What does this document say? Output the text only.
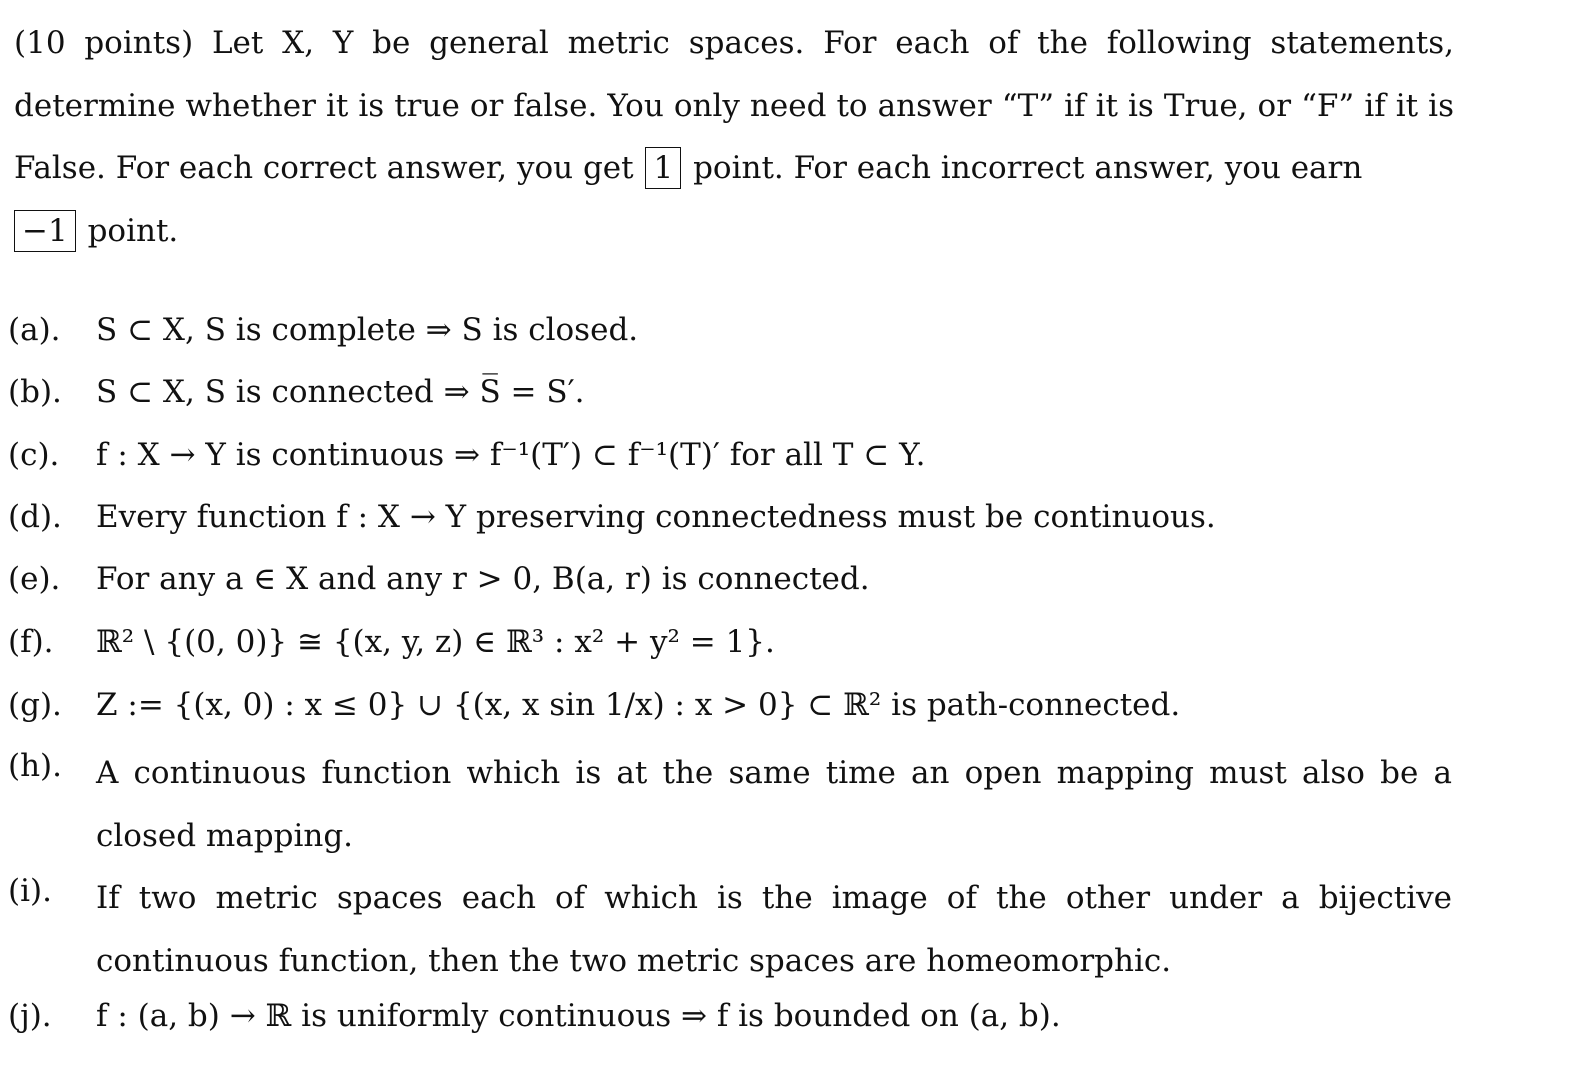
(10 points) Let X, Y be general metric spaces. For each of the following statements, determine whether it is true or false. You only need to answer “T” if it is True, or “F” if it is False. For each correct answer, you get 1 point. For each incorrect answer, you earn
−1 point.
(a).	S ⊂ X, S is complete ⇒ S is closed.
(b).	S ⊂ X, S is connected ⇒ S̅ = S′.
(c).	f : X → Y is continuous ⇒ f⁻¹(T′) ⊂ f⁻¹(T)′ for all T ⊂ Y.
(d).	Every function f : X → Y preserving connectedness must be continuous.
(e).	For any a ∈ X and any r > 0, B(a, r) is connected.
(f).	ℝ² \ {(0, 0)} ≅ {(x, y, z) ∈ ℝ³ : x² + y² = 1}.
(g).	Z := {(x, 0) : x ≤ 0} ∪ {(x, x sin 1/x) : x > 0} ⊂ ℝ² is path-connected.
(h).	A continuous function which is at the same time an open mapping must also be a closed mapping.
(i).	If two metric spaces each of which is the image of the other under a bijective continuous function, then the two metric spaces are homeomorphic.
(j).	f : (a, b) → ℝ is uniformly continuous ⇒ f is bounded on (a, b).
